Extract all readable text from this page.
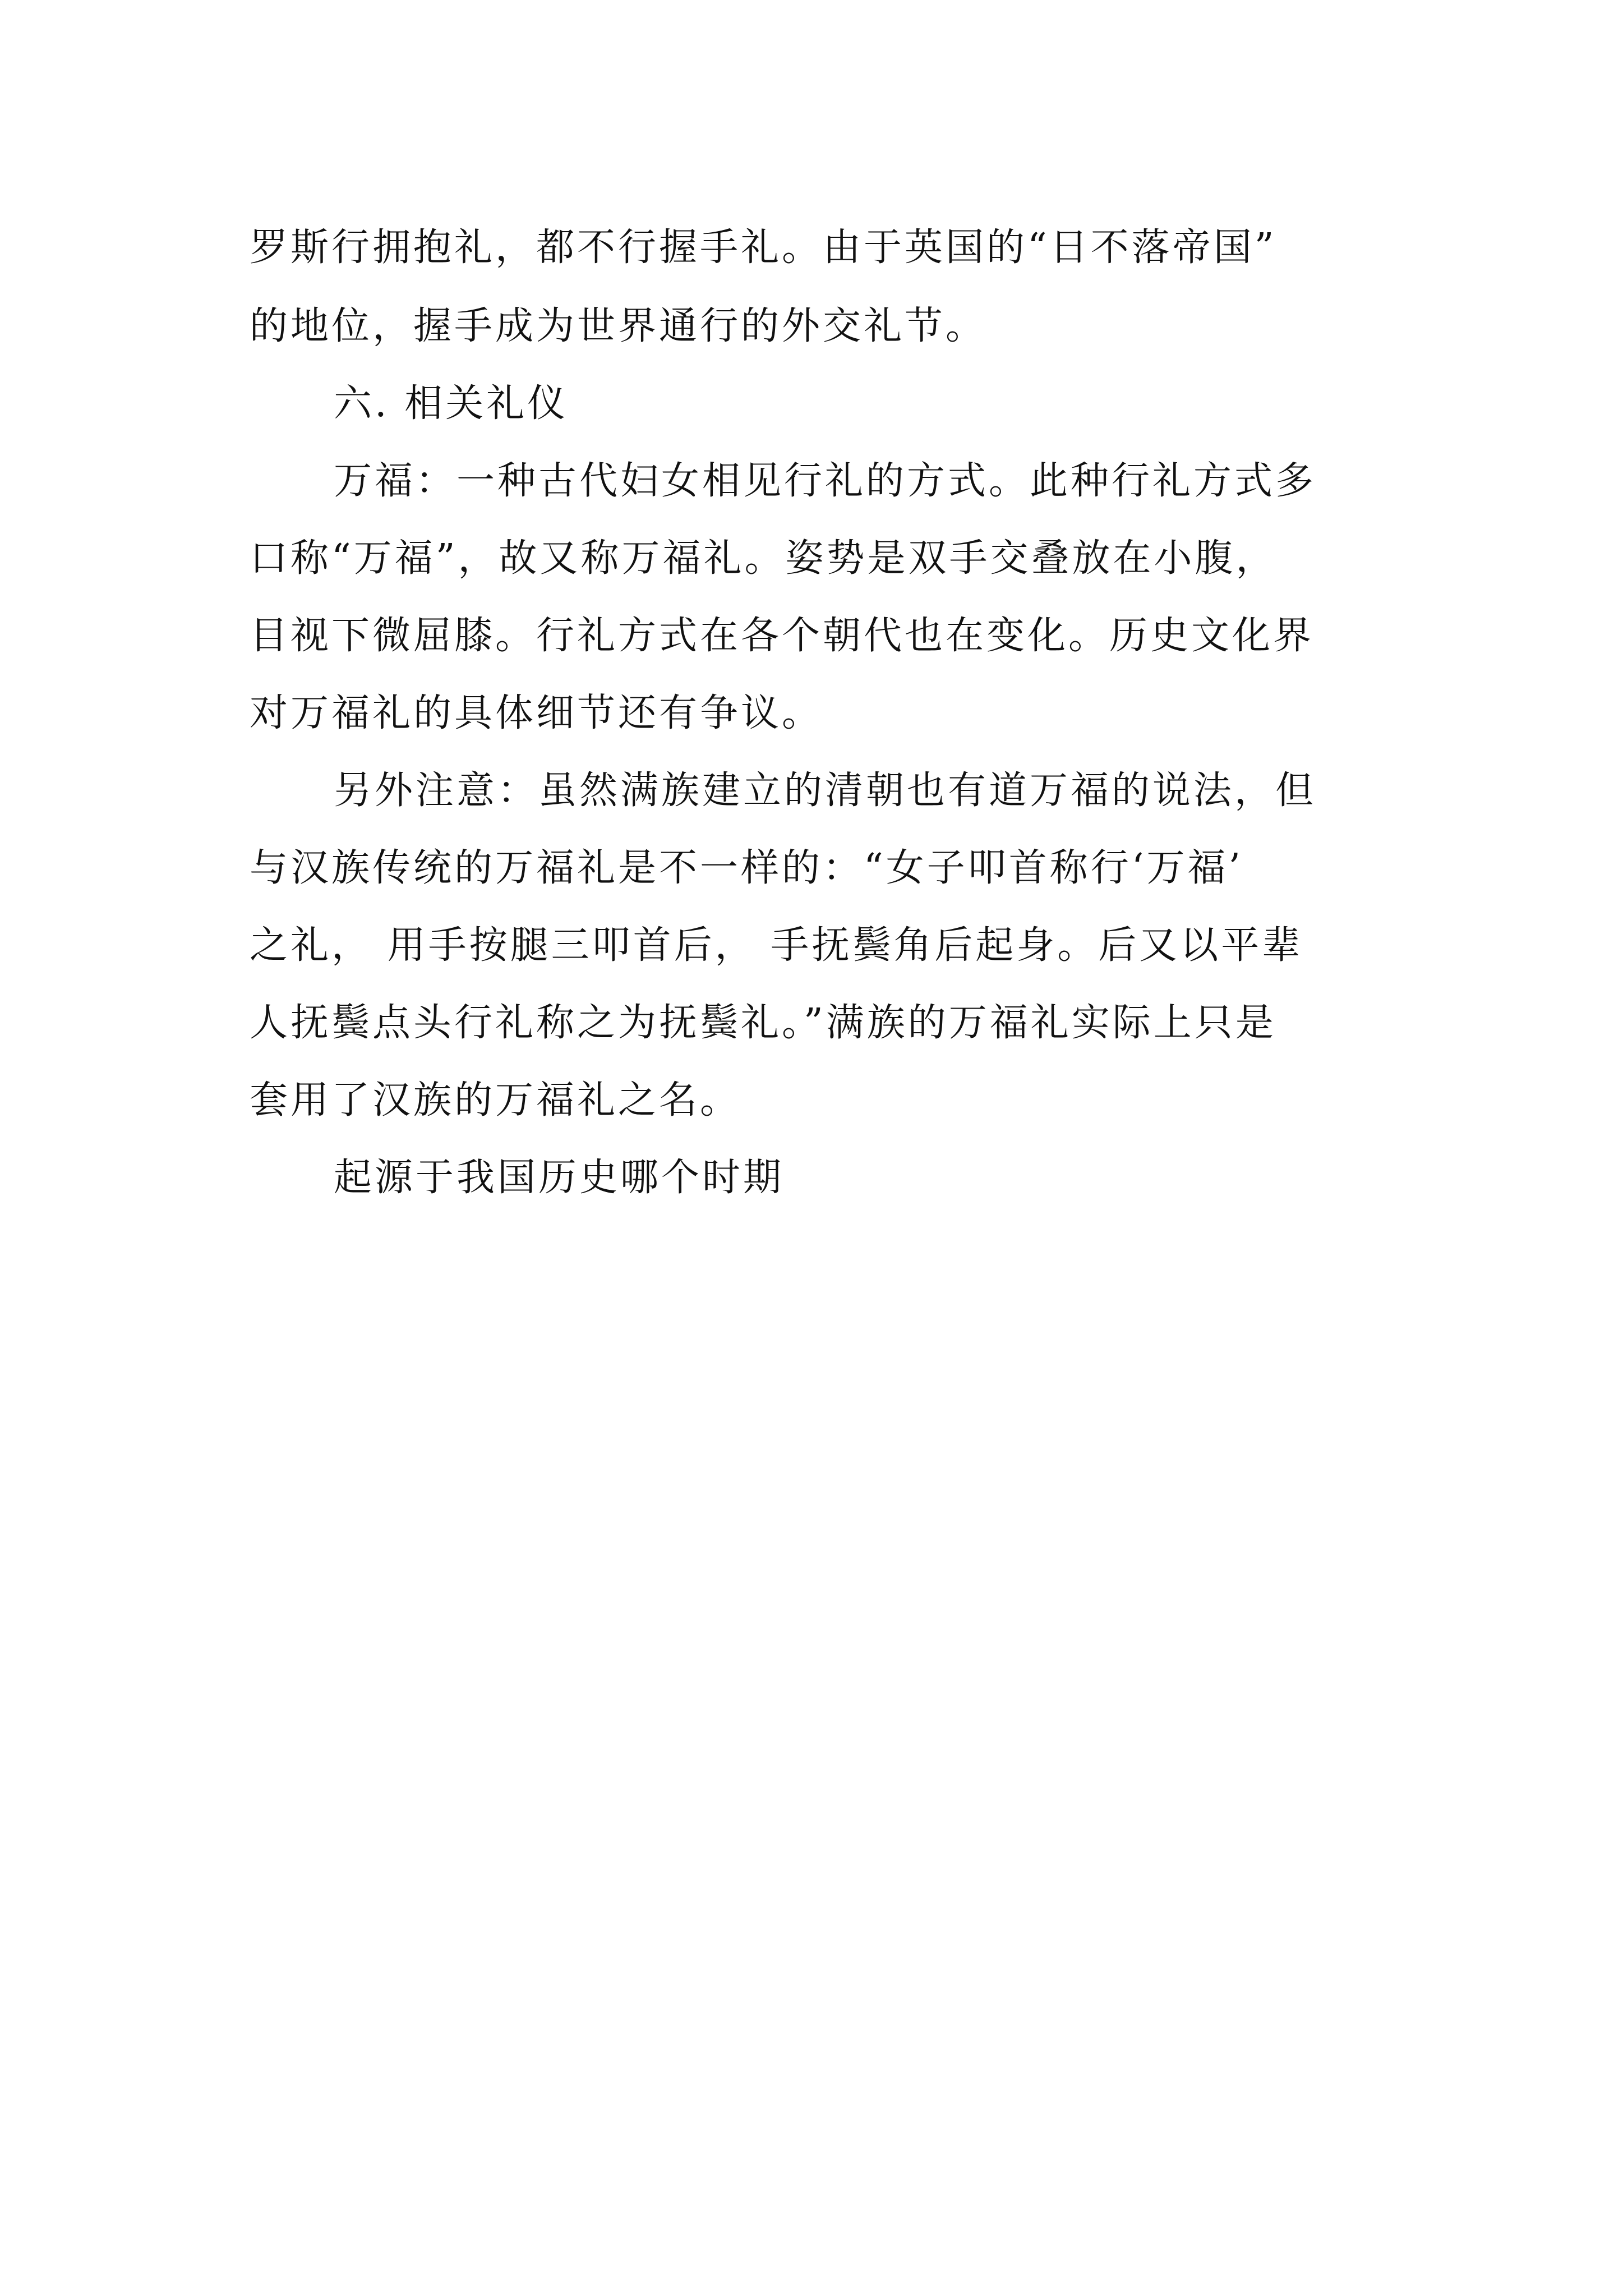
罗斯行拥抱礼，都不行握手礼。由于英国的“日不落帝国”
的地位，握手成为世界通行的外交礼节。
六. 相关礼仪
万福：一种古代妇女相见行礼的方式。此种行礼方式多
口称“万福”，故又称万福礼。姿势是双手交叠放在小腹，
目视下微屈膝。行礼方式在各个朝代也在变化。历史文化界
对万福礼的具体细节还有争议。
另外注意：虽然满族建立的清朝也有道万福的说法，但
与汉族传统的万福礼是不一样的：“女子叩首称行‘万福’
之礼， 用手按腿三叩首后， 手抚鬓角后起身。后又以平辈
人抚鬓点头行礼称之为抚鬓礼。”满族的万福礼实际上只是
套用了汉族的万福礼之名。
起源于我国历史哪个时期
